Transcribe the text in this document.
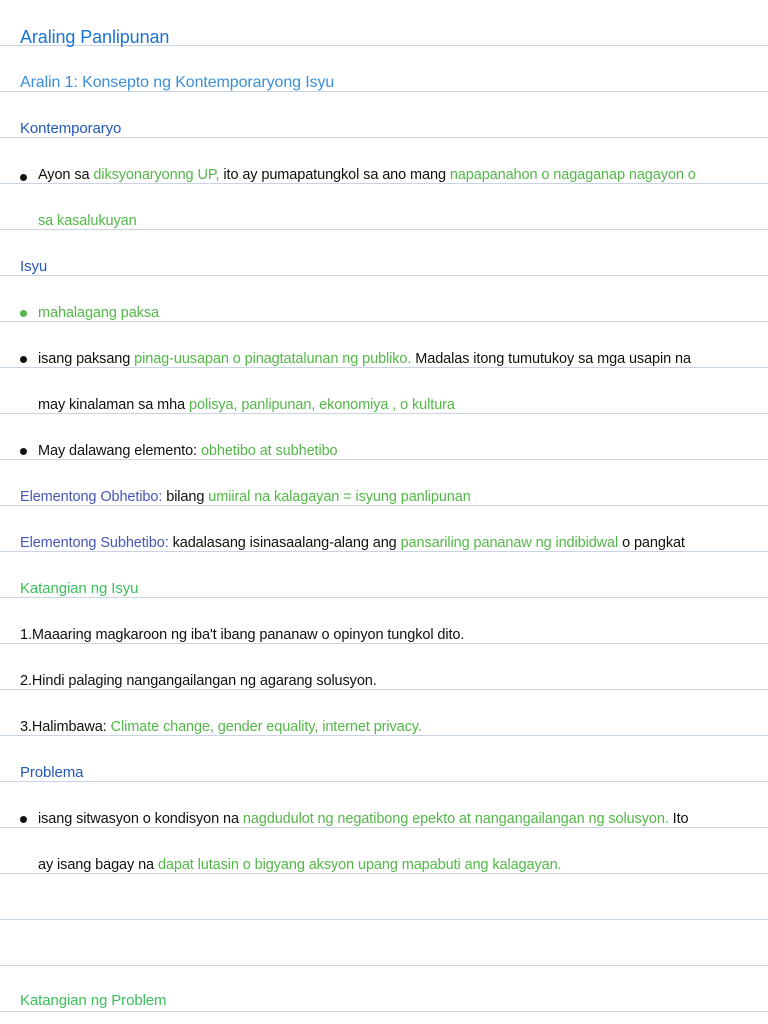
Araling Panlipunan
Aralin 1: Konsepto ng Kontemporaryong Isyu
Kontemporaryo
Ayon sa diksyonaryonng UP, ito ay pumapatungkol sa ano mang napapanahon o nagaganap nagayon o
sa kasalukuyan
Isyu
mahalagang paksa
isang paksang pinag-uusapan o pinagtatalunan ng publiko. Madalas itong tumutukoy sa mga usapin na
may kinalaman sa mha polisya, panlipunan, ekonomiya , o kultura
May dalawang elemento: obhetibo at subhetibo
Elementong Obhetibo: bilang umiiral na kalagayan = isyung panlipunan
Elementong Subhetibo: kadalasang isinasaalang-alang ang pansariling pananaw ng indibidwal o pangkat
Katangian ng Isyu
1.Maaaring magkaroon ng iba't ibang pananaw o opinyon tungkol dito.
2.Hindi palaging nangangailangan ng agarang solusyon.
3.Halimbawa: Climate change, gender equality, internet privacy.
Problema
isang sitwasyon o kondisyon na nagdudulot ng negatibong epekto at nangangailangan ng solusyon. Ito
ay isang bagay na dapat lutasin o bigyang aksyon upang mapabuti ang kalagayan.
Katangian ng Problem
